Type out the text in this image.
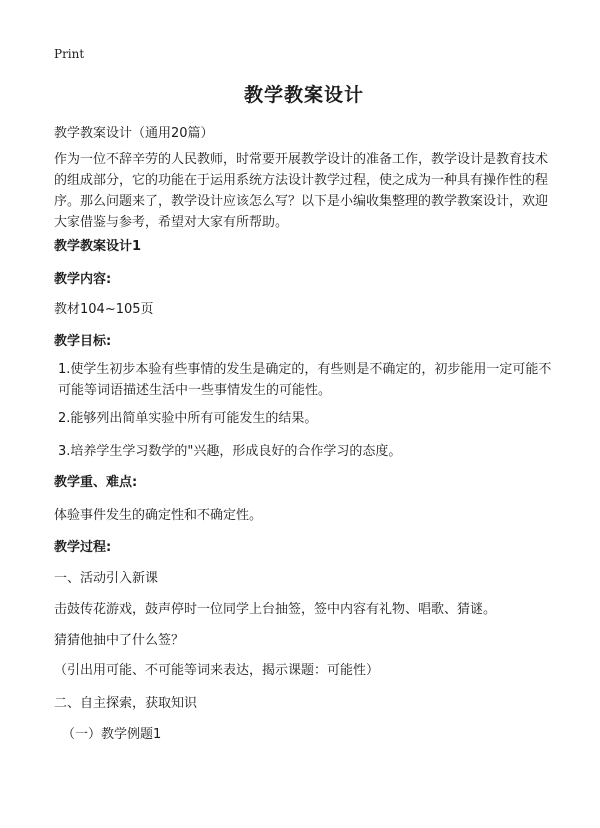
Print
教学教案设计
教学教案设计（通用20篇）
作为一位不辞辛劳的人民教师，时常要开展教学设计的准备工作，教学设计是教育技术的组成部分，它的功能在于运用系统方法设计教学过程，使之成为一种具有操作性的程序。那么问题来了，教学设计应该怎么写？以下是小编收集整理的教学教案设计，欢迎大家借鉴与参考，希望对大家有所帮助。
教学教案设计1
教学内容:
教材104~105页
教学目标:
1.使学生初步本验有些事情的发生是确定的，有些则是不确定的，初步能用一定可能不可能等词语描述生活中一些事情发生的可能性。
2.能够列出简单实验中所有可能发生的结果。
3.培养学生学习数学的"兴趣，形成良好的合作学习的态度。
教学重、难点:
体验事件发生的确定性和不确定性。
教学过程:
一、活动引入新课
击鼓传花游戏，鼓声停时一位同学上台抽签，签中内容有礼物、唱歌、猜谜。
猜猜他抽中了什么签？
（引出用可能、不可能等词来表达，揭示课题：可能性）
二、自主探索，获取知识
（一）教学例题1
